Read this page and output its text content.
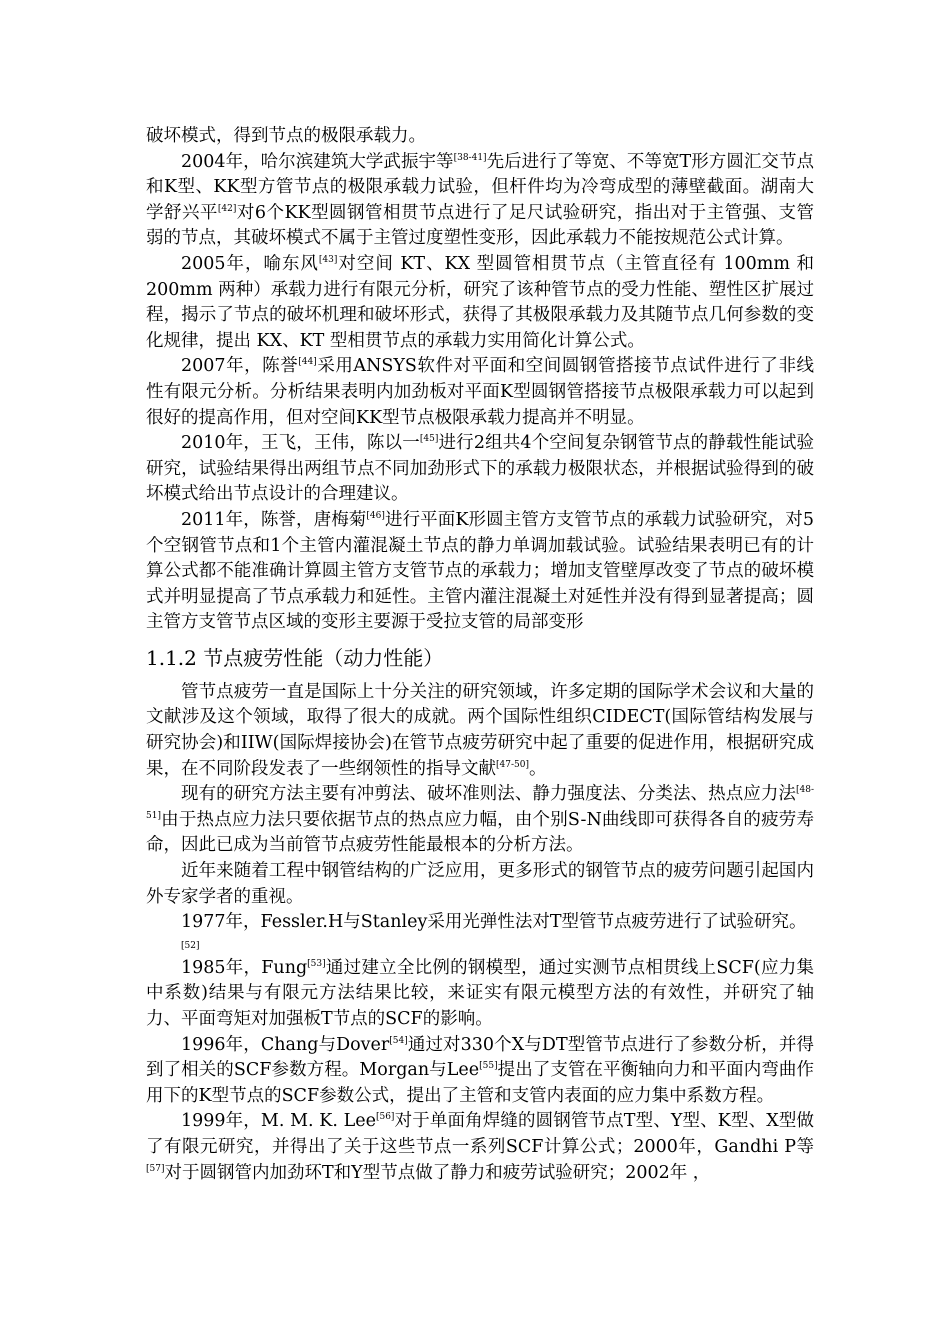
破坏模式，得到节点的极限承载力。

2004年，哈尔滨建筑大学武振宇等[38-41]先后进行了等宽、不等宽T形方圆汇交节点和K型、KK型方管节点的极限承载力试验，但杆件均为冷弯成型的薄壁截面。湖南大学舒兴平[42]对6个KK型圆钢管相贯节点进行了足尺试验研究，指出对于主管强、支管弱的节点，其破坏模式不属于主管过度塑性变形，因此承载力不能按规范公式计算。

2005年，喻东风[43]对空间 KT、KX 型圆管相贯节点（主管直径有 100mm 和 200mm 两种）承载力进行有限元分析，研究了该种管节点的受力性能、塑性区扩展过程，揭示了节点的破坏机理和破坏形式，获得了其极限承载力及其随节点几何参数的变化规律，提出 KX、KT 型相贯节点的承载力实用简化计算公式。

2007年，陈誉[44]采用ANSYS软件对平面和空间圆钢管搭接节点试件进行了非线性有限元分析。分析结果表明内加劲板对平面K型圆钢管搭接节点极限承载力可以起到很好的提高作用，但对空间KK型节点极限承载力提高并不明显。

2010年，王飞，王伟，陈以一[45]进行2组共4个空间复杂钢管节点的静载性能试验研究，试验结果得出两组节点不同加劲形式下的承载力极限状态，并根据试验得到的破坏模式给出节点设计的合理建议。

2011年，陈誉，唐梅菊[46]进行平面K形圆主管方支管节点的承载力试验研究，对5个空钢管节点和1个主管内灌混凝土节点的静力单调加载试验。试验结果表明已有的计算公式都不能准确计算圆主管方支管节点的承载力；增加支管壁厚改变了节点的破坏模式并明显提高了节点承载力和延性。主管内灌注混凝土对延性并没有得到显著提高；圆主管方支管节点区域的变形主要源于受拉支管的局部变形

1.1.2 节点疲劳性能（动力性能）

管节点疲劳一直是国际上十分关注的研究领域，许多定期的国际学术会议和大量的文献涉及这个领域，取得了很大的成就。两个国际性组织CIDECT(国际管结构发展与研究协会)和IIW(国际焊接协会)在管节点疲劳研究中起了重要的促进作用，根据研究成果，在不同阶段发表了一些纲领性的指导文献[47-50]。

现有的研究方法主要有冲剪法、破坏准则法、静力强度法、分类法、热点应力法[48-51]由于热点应力法只要依据节点的热点应力幅，由个别S-N曲线即可获得各自的疲劳寿命，因此已成为当前管节点疲劳性能最根本的分析方法。

近年来随着工程中钢管结构的广泛应用，更多形式的钢管节点的疲劳问题引起国内外专家学者的重视。

1977年，Fessler.H与Stanley采用光弹性法对T型管节点疲劳进行了试验研究。
[52]

1985年，Fung[53]通过建立全比例的钢模型，通过实测节点相贯线上SCF(应力集中系数)结果与有限元方法结果比较，来证实有限元模型方法的有效性，并研究了轴力、平面弯矩对加强板T节点的SCF的影响。

1996年，Chang与Dover[54]通过对330个X与DT型管节点进行了参数分析，并得到了相关的SCF参数方程。Morgan与Lee[55]提出了支管在平衡轴向力和平面内弯曲作用下的K型节点的SCF参数公式，提出了主管和支管内表面的应力集中系数方程。

1999年，M. M. K. Lee[56]对于单面角焊缝的圆钢管节点T型、Y型、K型、X型做了有限元研究，并得出了关于这些节点一系列SCF计算公式；2000年，Gandhi P等[57]对于圆钢管内加劲环T和Y型节点做了静力和疲劳试验研究；2002年 ，
